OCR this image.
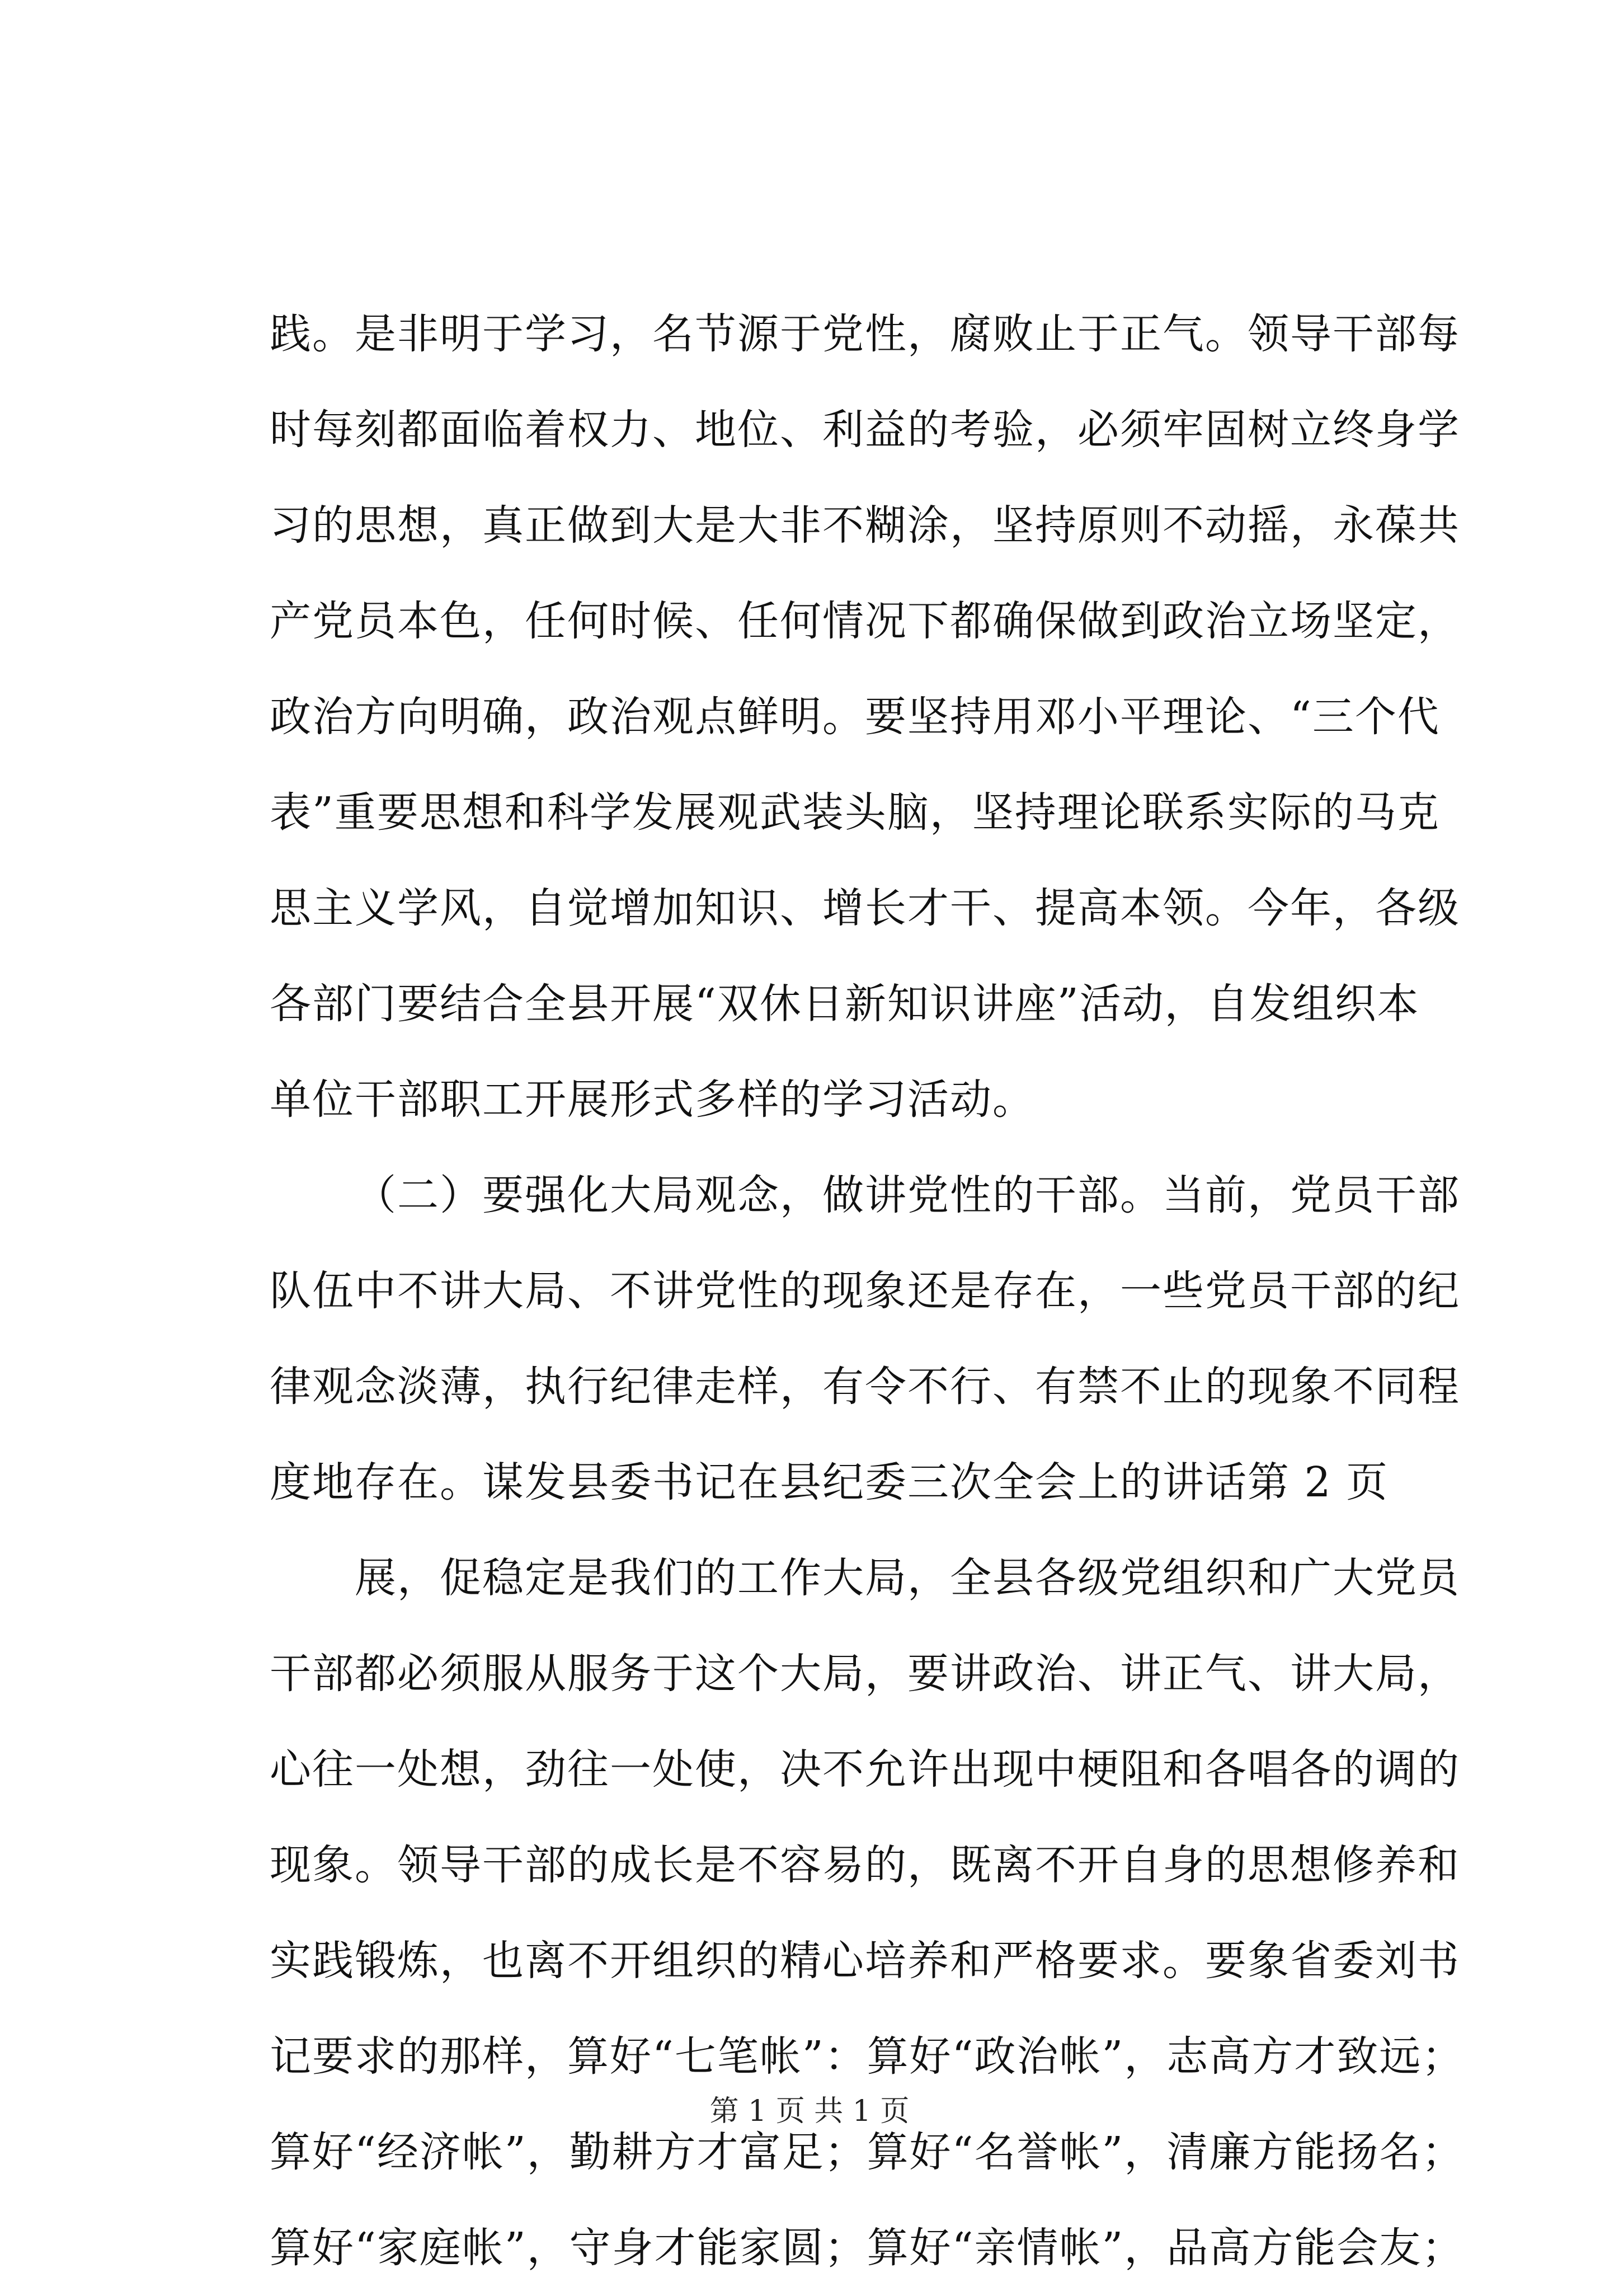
践。是非明于学习，名节源于党性，腐败止于正气。领导干部每
时每刻都面临着权力、地位、利益的考验，必须牢固树立终身学
习的思想，真正做到大是大非不糊涂，坚持原则不动摇，永葆共
产党员本色，任何时候、任何情况下都确保做到政治立场坚定，
政治方向明确，政治观点鲜明。要坚持用邓小平理论、“三个代
表”重要思想和科学发展观武装头脑，坚持理论联系实际的马克
思主义学风，自觉增加知识、增长才干、提高本领。今年，各级
各部门要结合全县开展“双休日新知识讲座”活动，自发组织本
单位干部职工开展形式多样的学习活动。
（二）要强化大局观念，做讲党性的干部。当前，党员干部
队伍中不讲大局、不讲党性的现象还是存在，一些党员干部的纪
律观念淡薄，执行纪律走样，有令不行、有禁不止的现象不同程
度地存在。谋发县委书记在县纪委三次全会上的讲话第 2 页
展，促稳定是我们的工作大局，全县各级党组织和广大党员
干部都必须服从服务于这个大局，要讲政治、讲正气、讲大局，
心往一处想，劲往一处使，决不允许出现中梗阻和各唱各的调的
现象。领导干部的成长是不容易的，既离不开自身的思想修养和
实践锻炼，也离不开组织的精心培养和严格要求。要象省委刘书
记要求的那样，算好“七笔帐”：算好“政治帐”，志高方才致远；
算好“经济帐”，勤耕方才富足；算好“名誉帐”，清廉方能扬名；
算好“家庭帐”，守身才能家圆；算好“亲情帐”，品高方能会友；
第 1 页 共 1 页
